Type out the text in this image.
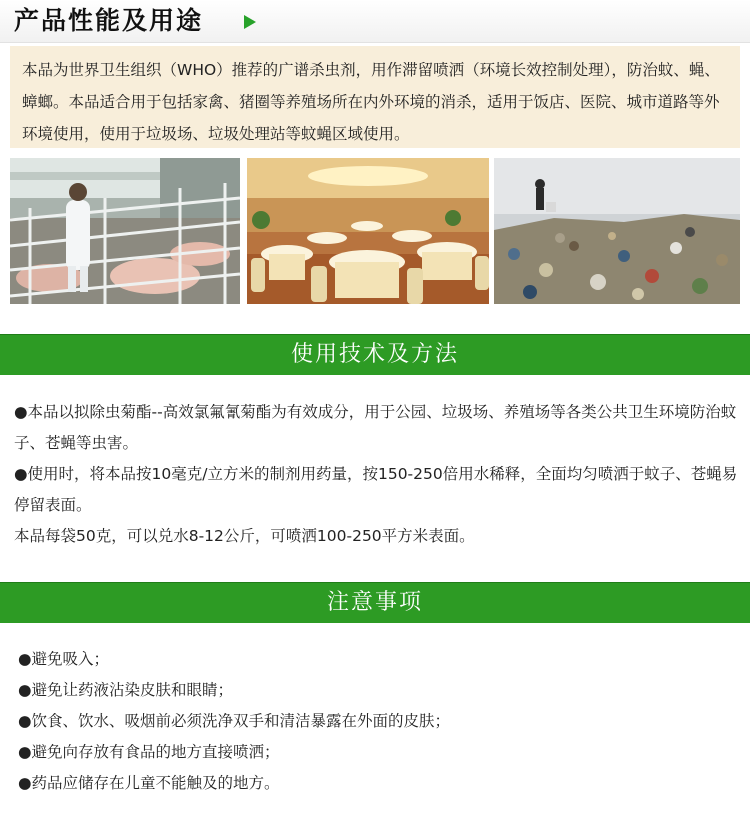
产品性能及用途
本品为世界卫生组织（WHO）推荐的广谱杀虫剂，用作滞留喷洒（环境长效控制处理），防治蚊、蝇、蟑螂。本品适合用于包括家禽、猪圈等养殖场所在内外环境的消杀，适用于饭店、医院、城市道路等外环境使用，使用于垃圾场、垃圾处理站等蚊蝇区域使用。
使用技术及方法

●本品以拟除虫菊酯--高效氯氟氰菊酯为有效成分，用于公园、垃圾场、养殖场等各类公共卫生环境防治蚊子、苍蝇等虫害。

●使用时，将本品按10毫克/立方米的制剂用药量，按150-250倍用水稀释，全面均匀喷洒于蚊子、苍蝇易停留表面。

本品每袋50克，可以兑水8-12公斤，可喷洒100-250平方米表面。

注意事项

●避免吸入；

●避免让药液沾染皮肤和眼睛；

●饮食、饮水、吸烟前必须洗净双手和清洁暴露在外面的皮肤；

●避免向存放有食品的地方直接喷洒；

●药品应储存在儿童不能触及的地方。
